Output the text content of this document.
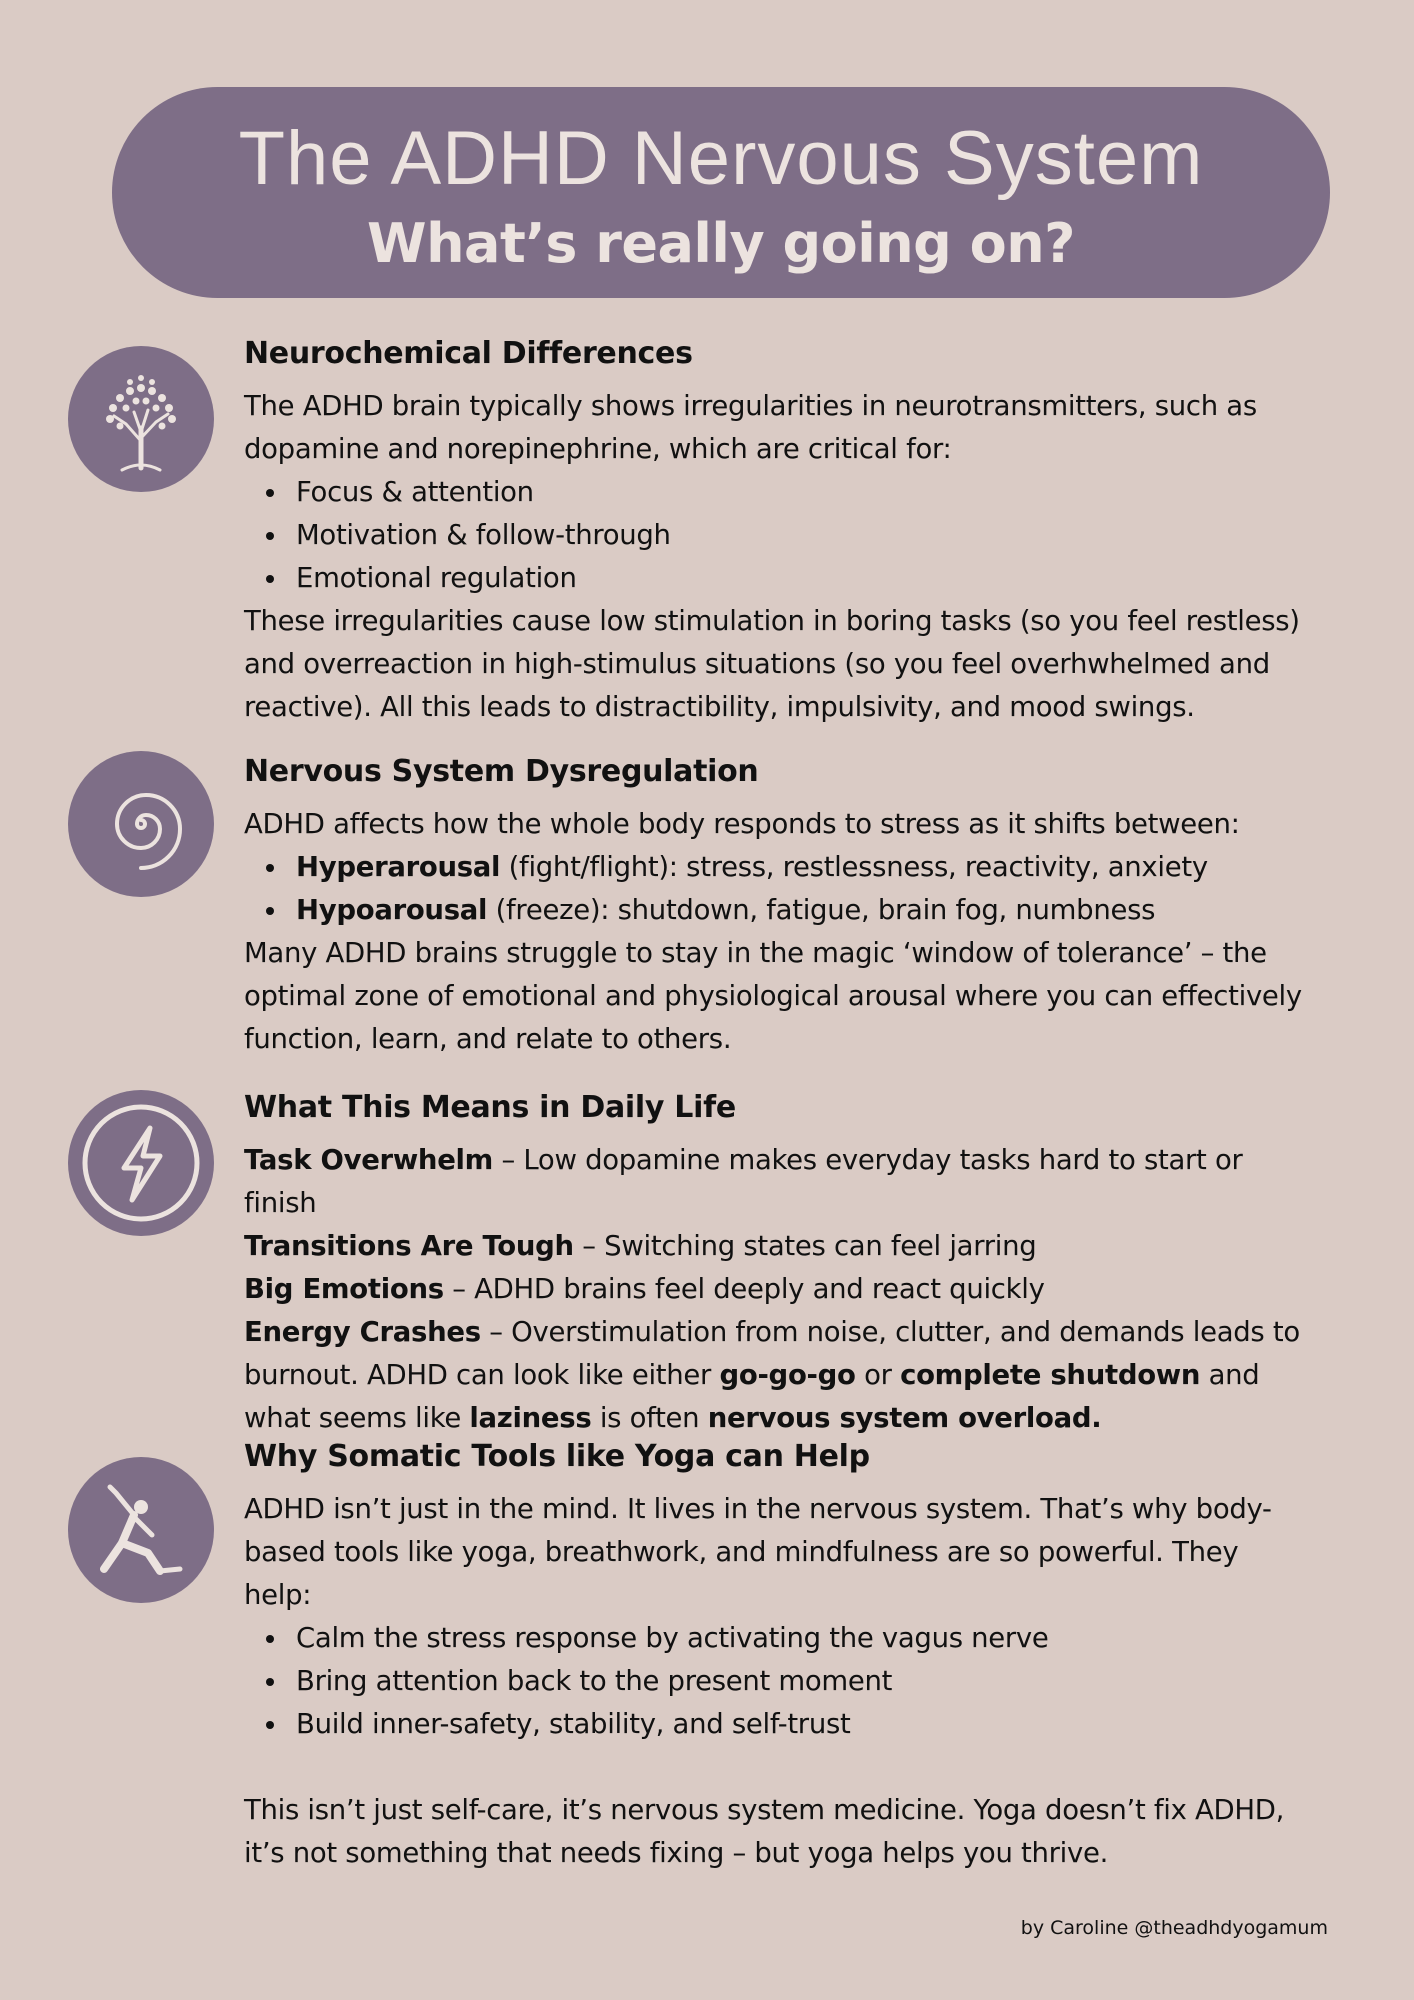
The ADHD Nervous System
What’s really going on?
Neurochemical Differences

The ADHD brain typically shows irregularities in neurotransmitters, such as dopamine and norepinephrine, which are critical for:

Focus & attention
Motivation & follow-through
Emotional regulation

These irregularities cause low stimulation in boring tasks (so you feel restless) and overreaction in high-stimulus situations (so you feel overhwhelmed and reactive). All this leads to distractibility, impulsivity, and mood swings.

Nervous System Dysregulation

ADHD affects how the whole body responds to stress as it shifts between:

Hyperarousal (fight/flight): stress, restlessness, reactivity, anxiety
Hypoarousal (freeze): shutdown, fatigue, brain fog, numbness

Many ADHD brains struggle to stay in the magic ‘window of tolerance’ – the optimal zone of emotional and physiological arousal where you can effectively function, learn, and relate to others.

What This Means in Daily Life

Task Overwhelm – Low dopamine makes everyday tasks hard to start or finish

Transitions Are Tough – Switching states can feel jarring

Big Emotions – ADHD brains feel deeply and react quickly

Energy Crashes – Overstimulation from noise, clutter, and demands leads to burnout. ADHD can look like either go-go-go or complete shutdown and what seems like laziness is often nervous system overload.

Why Somatic Tools like Yoga can Help

ADHD isn’t just in the mind. It lives in the nervous system. That’s why body-based tools like yoga, breathwork, and mindfulness are so powerful. They help:

Calm the stress response by activating the vagus nerve
Bring attention back to the present moment
Build inner-safety, stability, and self-trust

This isn’t just self-care, it’s nervous system medicine. Yoga doesn’t fix ADHD, it’s not something that needs fixing – but yoga helps you thrive.

by Caroline @theadhdyogamum
